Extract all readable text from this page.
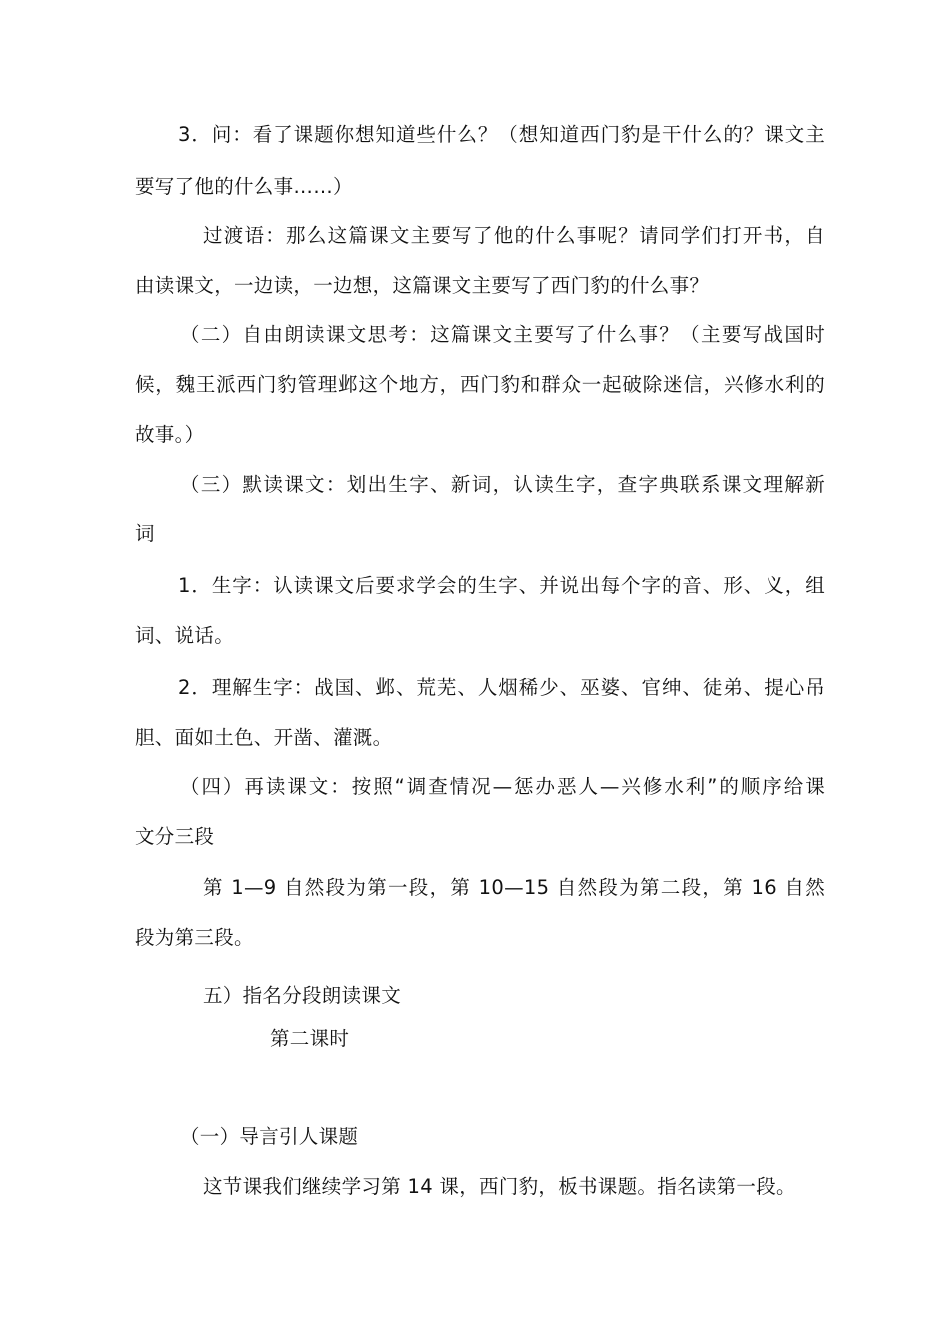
3．问：看了课题你想知道些什么？（想知道西门豹是干什么的？课文主
要写了他的什么事……）
过渡语：那么这篇课文主要写了他的什么事呢？请同学们打开书，自
由读课文，一边读，一边想，这篇课文主要写了西门豹的什么事？
（二）自由朗读课文思考：这篇课文主要写了什么事？（主要写战国时
候，魏王派西门豹管理邺这个地方，西门豹和群众一起破除迷信，兴修水利的
故事。）
（三）默读课文：划出生字、新词，认读生字，查字典联系课文理解新
词
1．生字：认读课文后要求学会的生字、并说出每个字的音、形、义，组
词、说话。
2．理解生字：战国、邺、荒芜、人烟稀少、巫婆、官绅、徒弟、提心吊
胆、面如土色、开凿、灌溉。
（四）再读课文：按照“调查情况—惩办恶人—兴修水利”的顺序给课
文分三段
第 1—9 自然段为第一段，第 10—15 自然段为第二段，第 16 自然
段为第三段。
五）指名分段朗读课文
第二课时
（一）导言引人课题
这节课我们继续学习第 14 课，西门豹，板书课题。指名读第一段。
